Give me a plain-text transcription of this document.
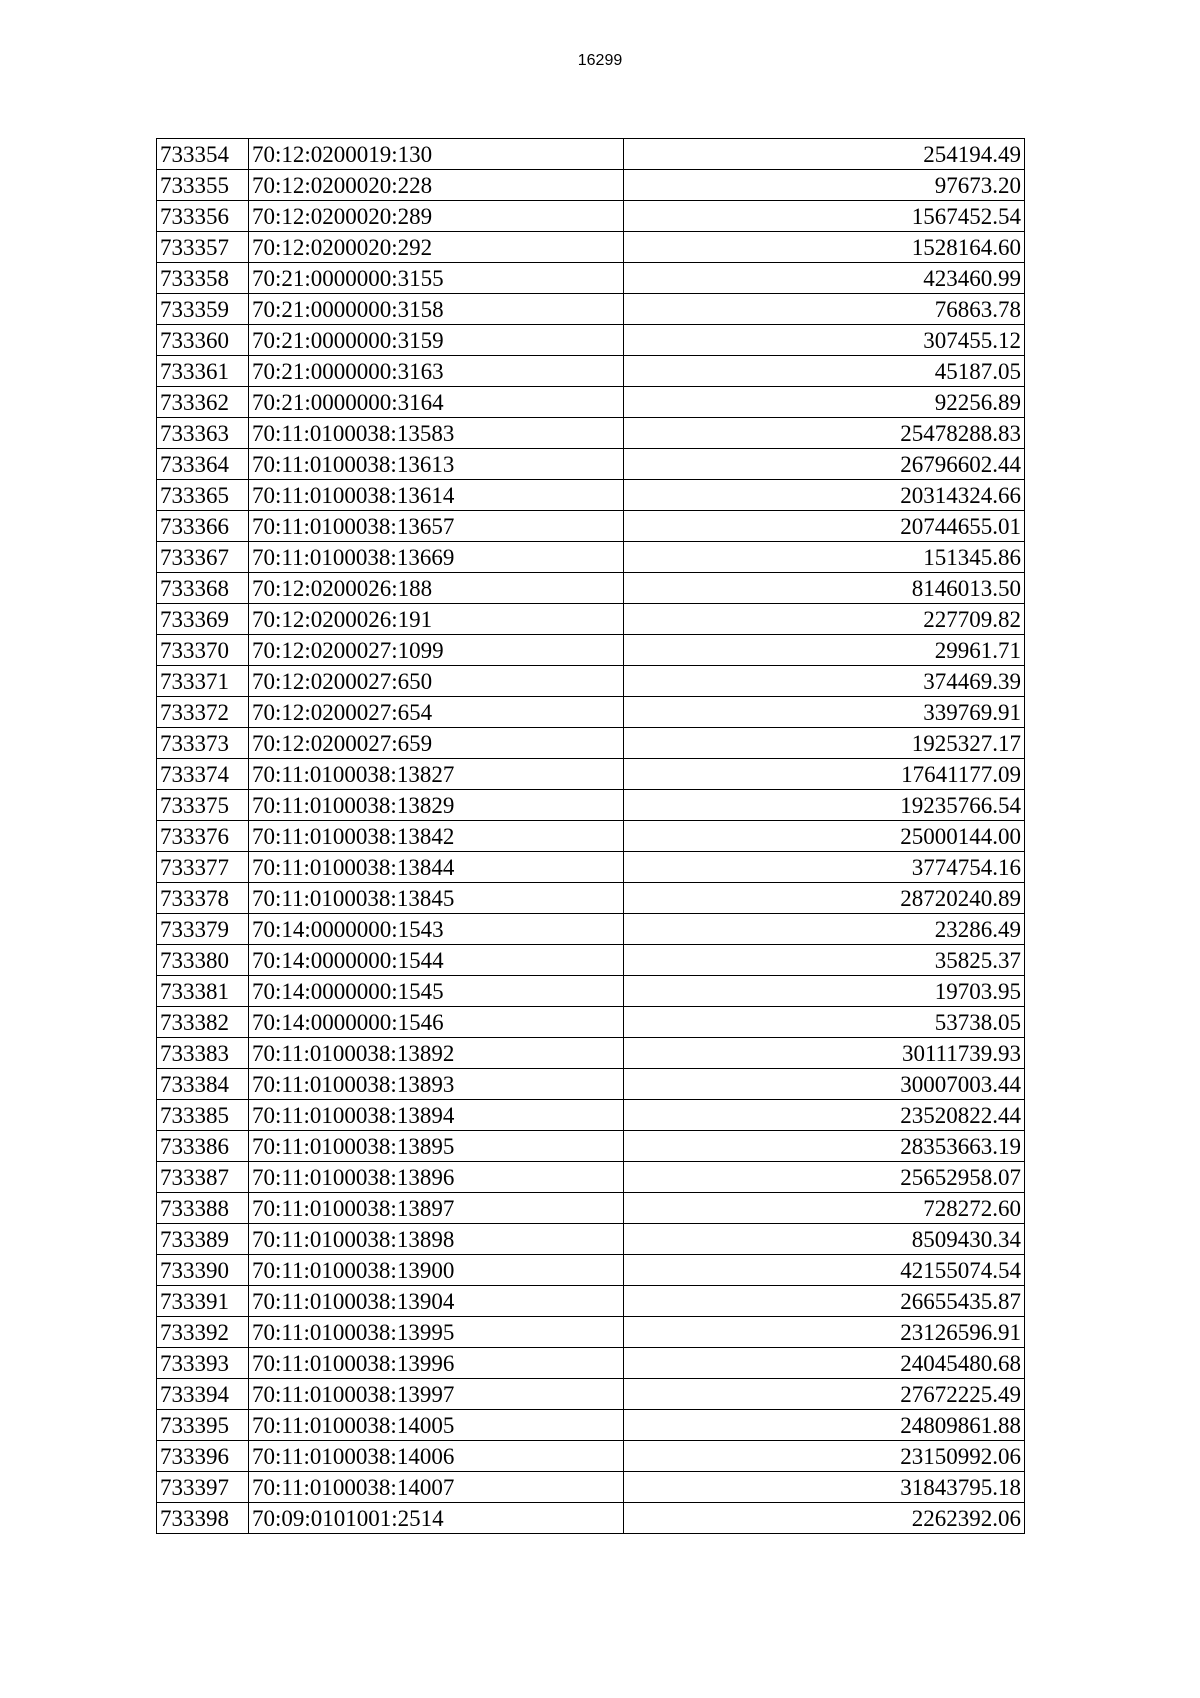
16299
733354	70:12:0200019:130	254194.49
733355	70:12:0200020:228	97673.20
733356	70:12:0200020:289	1567452.54
733357	70:12:0200020:292	1528164.60
733358	70:21:0000000:3155	423460.99
733359	70:21:0000000:3158	76863.78
733360	70:21:0000000:3159	307455.12
733361	70:21:0000000:3163	45187.05
733362	70:21:0000000:3164	92256.89
733363	70:11:0100038:13583	25478288.83
733364	70:11:0100038:13613	26796602.44
733365	70:11:0100038:13614	20314324.66
733366	70:11:0100038:13657	20744655.01
733367	70:11:0100038:13669	151345.86
733368	70:12:0200026:188	8146013.50
733369	70:12:0200026:191	227709.82
733370	70:12:0200027:1099	29961.71
733371	70:12:0200027:650	374469.39
733372	70:12:0200027:654	339769.91
733373	70:12:0200027:659	1925327.17
733374	70:11:0100038:13827	17641177.09
733375	70:11:0100038:13829	19235766.54
733376	70:11:0100038:13842	25000144.00
733377	70:11:0100038:13844	3774754.16
733378	70:11:0100038:13845	28720240.89
733379	70:14:0000000:1543	23286.49
733380	70:14:0000000:1544	35825.37
733381	70:14:0000000:1545	19703.95
733382	70:14:0000000:1546	53738.05
733383	70:11:0100038:13892	30111739.93
733384	70:11:0100038:13893	30007003.44
733385	70:11:0100038:13894	23520822.44
733386	70:11:0100038:13895	28353663.19
733387	70:11:0100038:13896	25652958.07
733388	70:11:0100038:13897	728272.60
733389	70:11:0100038:13898	8509430.34
733390	70:11:0100038:13900	42155074.54
733391	70:11:0100038:13904	26655435.87
733392	70:11:0100038:13995	23126596.91
733393	70:11:0100038:13996	24045480.68
733394	70:11:0100038:13997	27672225.49
733395	70:11:0100038:14005	24809861.88
733396	70:11:0100038:14006	23150992.06
733397	70:11:0100038:14007	31843795.18
733398	70:09:0101001:2514	2262392.06
